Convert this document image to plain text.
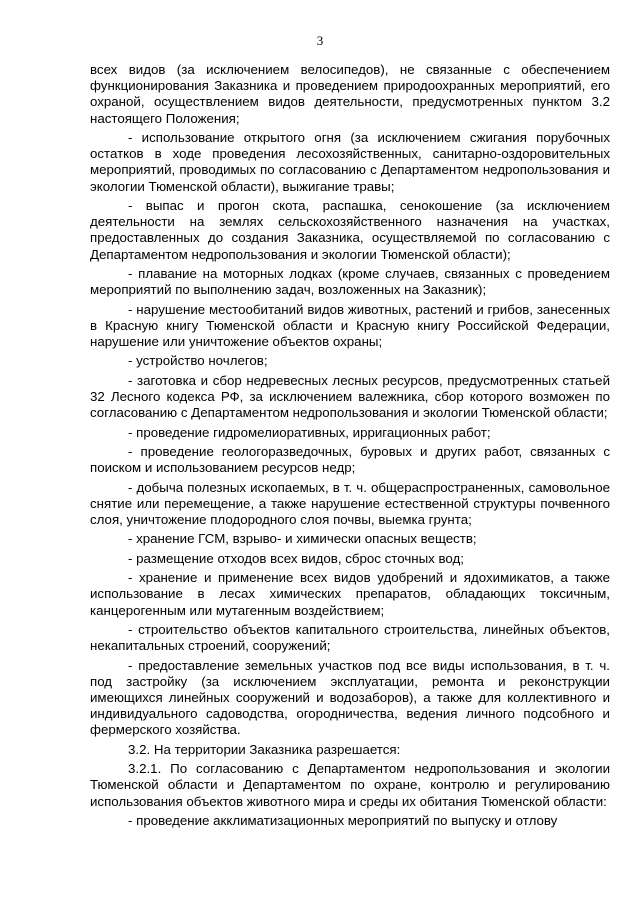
3

всех видов (за исключением велосипедов), не связанные с обеспечением функционирования Заказника и проведением природоохранных мероприятий, его охраной, осуществлением видов деятельности, предусмотренных пунктом 3.2 настоящего Положения;

- использование открытого огня (за исключением сжигания порубочных остатков в ходе проведения лесохозяйственных, санитарно-оздоровительных мероприятий, проводимых по согласованию с Департаментом недропользования и экологии Тюменской области), выжигание травы;

- выпас и прогон скота, распашка, сенокошение (за исключением деятельности на землях сельскохозяйственного назначения на участках, предоставленных до создания Заказника, осуществляемой по согласованию с Департаментом недропользования и экологии Тюменской области);

- плавание на моторных лодках (кроме случаев, связанных с проведением мероприятий по выполнению задач, возложенных на Заказник);

- нарушение местообитаний видов животных, растений и грибов, занесенных в Красную книгу Тюменской области и Красную книгу Российской Федерации, нарушение или уничтожение объектов охраны;

- устройство ночлегов;

- заготовка и сбор недревесных лесных ресурсов, предусмотренных статьей 32 Лесного кодекса РФ, за исключением валежника, сбор которого возможен по согласованию с Департаментом недропользования и экологии Тюменской области;

- проведение гидромелиоративных, ирригационных работ;

- проведение геологоразведочных, буровых и других работ, связанных с поиском и использованием ресурсов недр;

- добыча полезных ископаемых, в т. ч. общераспространенных, самовольное снятие или перемещение, а также нарушение естественной структуры почвенного слоя, уничтожение плодородного слоя почвы, выемка грунта;

- хранение ГСМ, взрыво- и химически опасных веществ;

- размещение отходов всех видов, сброс сточных вод;

- хранение и применение всех видов удобрений и ядохимикатов, а также использование в лесах химических препаратов, обладающих токсичным, канцерогенным или мутагенным воздействием;

- строительство объектов капитального строительства, линейных объектов, некапитальных строений, сооружений;

- предоставление земельных участков под все виды использования, в т. ч. под застройку (за исключением эксплуатации, ремонта и реконструкции имеющихся линейных сооружений и водозаборов), а также для коллективного и индивидуального садоводства, огородничества, ведения личного подсобного и фермерского хозяйства.

3.2. На территории Заказника разрешается:

3.2.1. По согласованию с Департаментом недропользования и экологии Тюменской области и Департаментом по охране, контролю и регулированию использования объектов животного мира и среды их обитания Тюменской области:

- проведение акклиматизационных мероприятий по выпуску и отлову
